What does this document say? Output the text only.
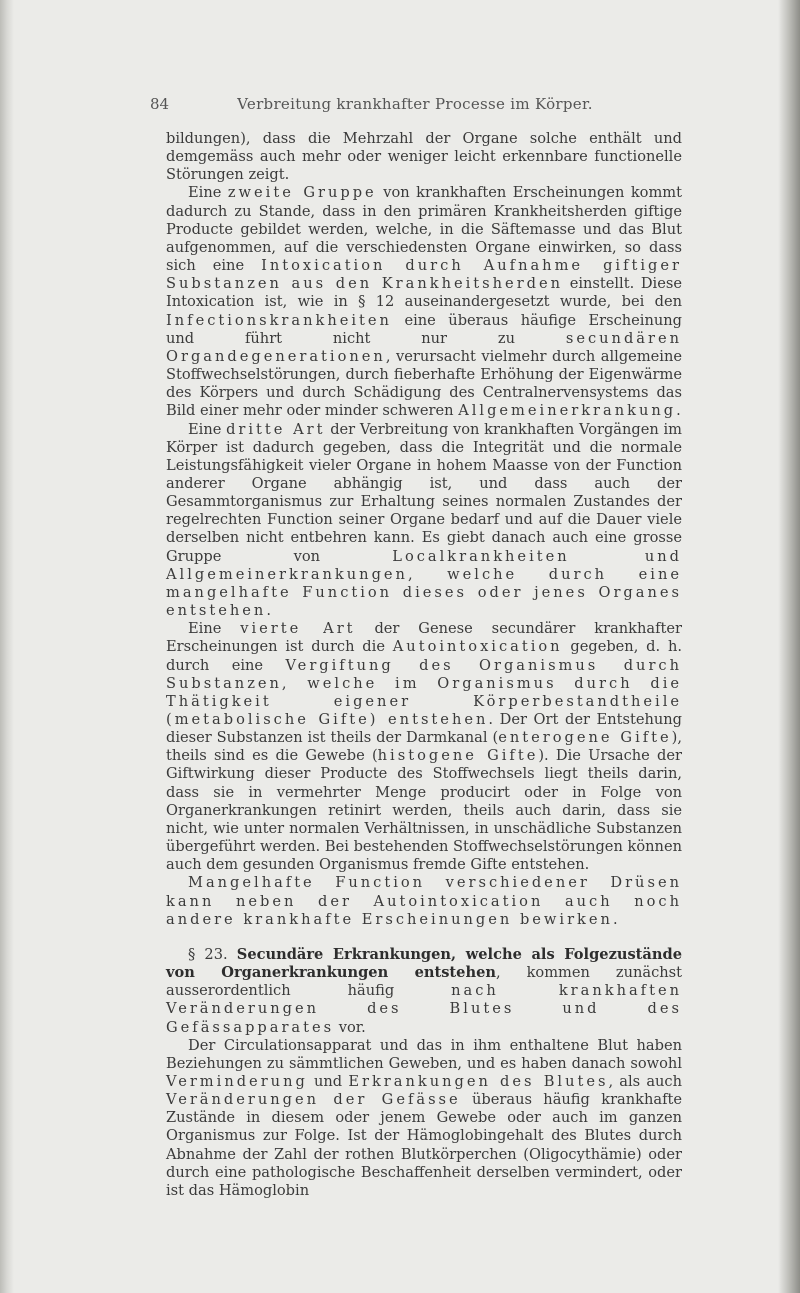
84	Verbreitung krankhafter Processe im Körper.

bildungen), dass die Mehrzahl der Organe solche enthält und demgemäss auch mehr oder weniger leicht erkennbare functionelle Störungen zeigt.

Eine zweite Gruppe von krankhaften Erscheinungen kommt dadurch zu Stande, dass in den primären Krankheitsherden giftige Producte gebildet werden, welche, in die Säftemasse und das Blut aufgenommen, auf die verschiedensten Organe einwirken, so dass sich eine Intoxication durch Aufnahme giftiger Substanzen aus den Krankheitsherden einstellt. Diese Intoxication ist, wie in § 12 auseinandergesetzt wurde, bei den Infectionskrankheiten eine überaus häufige Erscheinung und führt nicht nur zu secundären Organdegenerationen, verursacht vielmehr durch allgemeine Stoffwechselstörungen, durch fieberhafte Erhöhung der Eigenwärme des Körpers und durch Schädigung des Centralnervensystems das Bild einer mehr oder minder schweren Allgemeinerkrankung.

Eine dritte Art der Verbreitung von krankhaften Vorgängen im Körper ist dadurch gegeben, dass die Integrität und die normale Leistungsfähigkeit vieler Organe in hohem Maasse von der Function anderer Organe abhängig ist, und dass auch der Gesammtorganismus zur Erhaltung seines normalen Zustandes der regelrechten Function seiner Organe bedarf und auf die Dauer viele derselben nicht entbehren kann. Es giebt danach auch eine grosse Gruppe von Localkrankheiten und Allgemeinerkrankungen, welche durch eine mangelhafte Function dieses oder jenes Organes entstehen.

Eine vierte Art der Genese secundärer krankhafter Erscheinungen ist durch die Autointoxication gegeben, d. h. durch eine Vergiftung des Organismus durch Substanzen, welche im Organismus durch die Thätigkeit eigener Körperbestandtheile (metabolische Gifte) entstehen. Der Ort der Entstehung dieser Substanzen ist theils der Darmkanal (enterogene Gifte), theils sind es die Gewebe (histogene Gifte). Die Ursache der Giftwirkung dieser Producte des Stoffwechsels liegt theils darin, dass sie in vermehrter Menge producirt oder in Folge von Organerkrankungen retinirt werden, theils auch darin, dass sie nicht, wie unter normalen Verhältnissen, in unschädliche Substanzen übergeführt werden. Bei bestehenden Stoffwechselstörungen können auch dem gesunden Organismus fremde Gifte entstehen.

Mangelhafte Function verschiedener Drüsen kann neben der Autointoxication auch noch andere krankhafte Erscheinungen bewirken.

§ 23. Secundäre Erkrankungen, welche als Folgezustände von Organerkrankungen entstehen, kommen zunächst ausserordentlich häufig nach krankhaften Veränderungen des Blutes und des Gefässapparates vor.

Der Circulationsapparat und das in ihm enthaltene Blut haben Beziehungen zu sämmtlichen Geweben, und es haben danach sowohl Verminderung und Erkrankungen des Blutes, als auch Veränderungen der Gefässe überaus häufig krankhafte Zustände in diesem oder jenem Gewebe oder auch im ganzen Organismus zur Folge. Ist der Hämoglobingehalt des Blutes durch Abnahme der Zahl der rothen Blutkörperchen (Oligocythämie) oder durch eine pathologische Beschaffenheit derselben vermindert, oder ist das Hämoglobin
